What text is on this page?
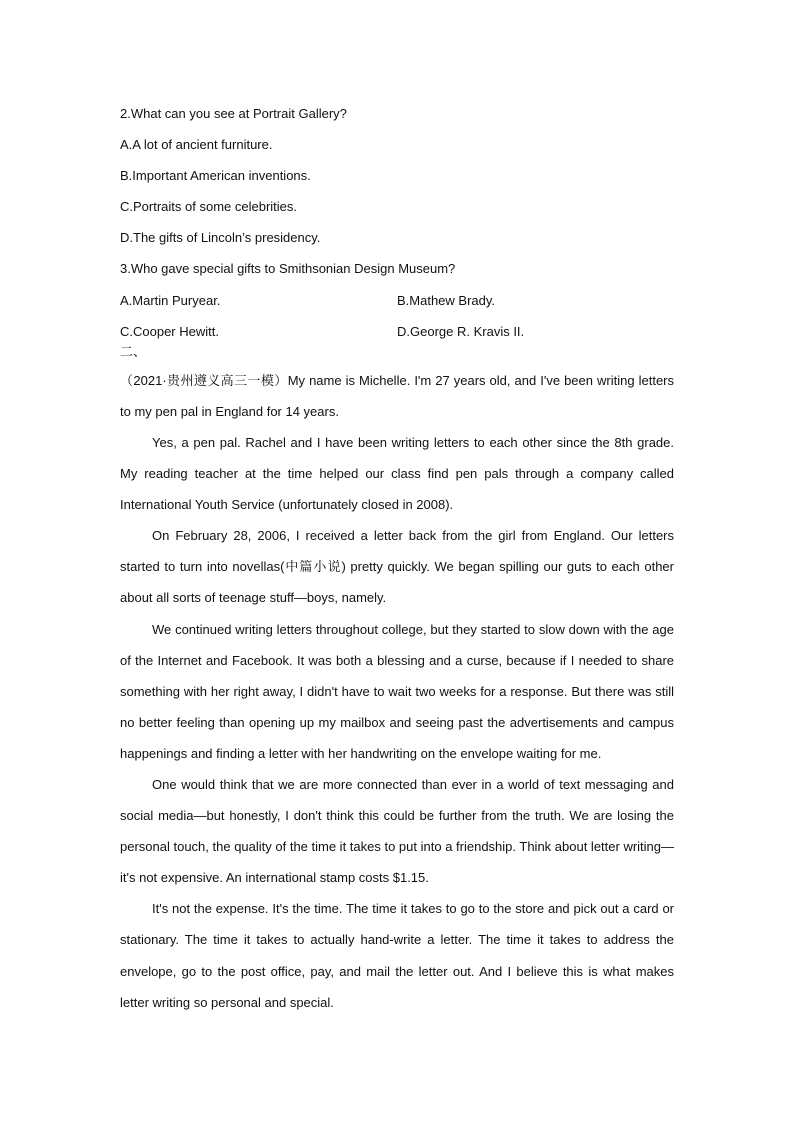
2.What can you see at Portrait Gallery?
A.A lot of ancient furniture.
B.Important American inventions.
C.Portraits of some celebrities.
D.The gifts of Lincoln’s presidency.
3.Who gave special gifts to Smithsonian Design Museum?
A.Martin Puryear.	B.Mathew Brady.
C.Cooper Hewitt.	D.George R. Kravis II.
二、

（2021·贵州遵义高三一模）My name is Michelle. I'm 27 years old, and I've been writing letters to my pen pal in England for 14 years.

Yes, a pen pal. Rachel and I have been writing letters to each other since the 8th grade. My reading teacher at the time helped our class find pen pals through a company called International Youth Service (unfortunately closed in 2008).

On February 28, 2006, I received a letter back from the girl from England. Our letters started to turn into novellas(中篇小说) pretty quickly. We began spilling our guts to each other about all sorts of teenage stuff—boys, namely.

We continued writing letters throughout college, but they started to slow down with the age of the Internet and Facebook. It was both a blessing and a curse, because if I needed to share something with her right away, I didn't have to wait two weeks for a response. But there was still no better feeling than opening up my mailbox and seeing past the advertisements and campus happenings and finding a letter with her handwriting on the envelope waiting for me.

One would think that we are more connected than ever in a world of text messaging and social media—but honestly, I don't think this could be further from the truth. We are losing the personal touch, the quality of the time it takes to put into a friendship. Think about letter writing—it's not expensive. An international stamp costs $1.15.

It's not the expense. It's the time. The time it takes to go to the store and pick out a card or stationary. The time it takes to actually hand-write a letter. The time it takes to address the envelope, go to the post office, pay, and mail the letter out. And I believe this is what makes letter writing so personal and special.
